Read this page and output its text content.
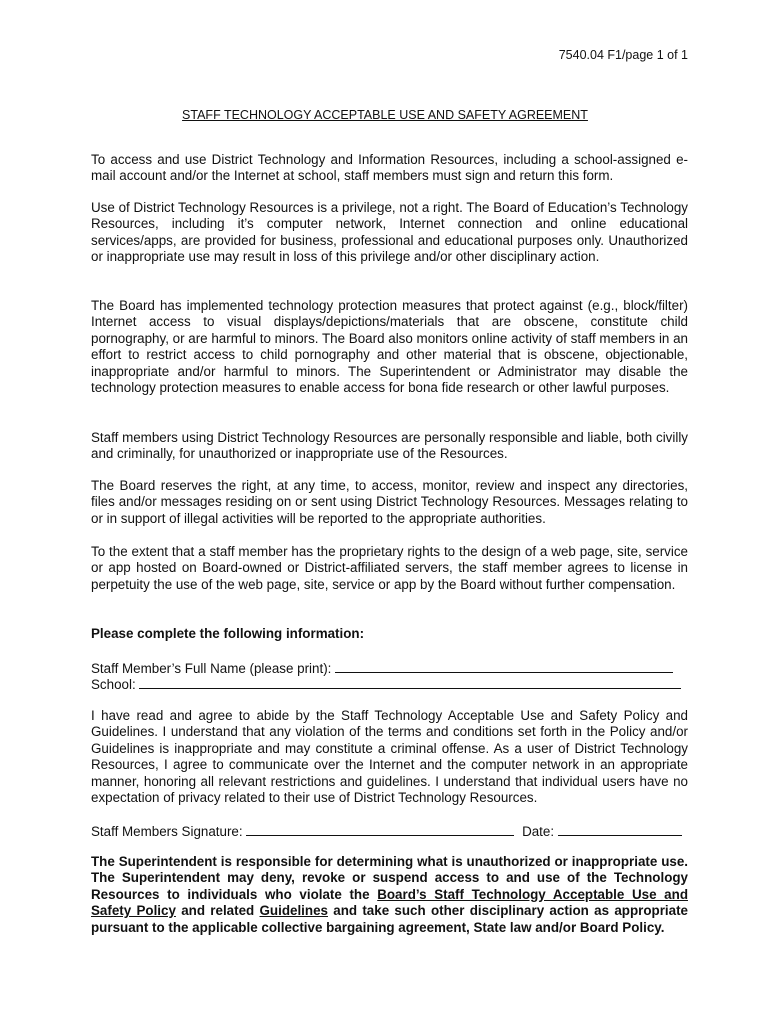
7540.04 F1/page 1 of 1
STAFF TECHNOLOGY ACCEPTABLE USE AND SAFETY AGREEMENT

To access and use District Technology and Information Resources, including a school-assigned e-mail account and/or the Internet at school, staff members must sign and return this form.

Use of District Technology Resources is a privilege, not a right. The Board of Education’s Technology Resources, including it’s computer network, Internet connection and online educational services/apps, are provided for business, professional and educational purposes only. Unauthorized or inappropriate use may result in loss of this privilege and/or other disciplinary action.

The Board has implemented technology protection measures that protect against (e.g., block/filter) Internet access to visual displays/depictions/materials that are obscene, constitute child pornography, or are harmful to minors. The Board also monitors online activity of staff members in an effort to restrict access to child pornography and other material that is obscene, objectionable, inappropriate and/or harmful to minors. The Superintendent or Administrator may disable the technology protection measures to enable access for bona fide research or other lawful purposes.

Staff members using District Technology Resources are personally responsible and liable, both civilly and criminally, for unauthorized or inappropriate use of the Resources.

The Board reserves the right, at any time, to access, monitor, review and inspect any directories, files and/or messages residing on or sent using District Technology Resources. Messages relating to or in support of illegal activities will be reported to the appropriate authorities.

To the extent that a staff member has the proprietary rights to the design of a web page, site, service or app hosted on Board-owned or District-affiliated servers, the staff member agrees to license in perpetuity the use of the web page, site, service or app by the Board without further compensation.

Please complete the following information:
Staff Member’s Full Name (please print):
School:

I have read and agree to abide by the Staff Technology Acceptable Use and Safety Policy and Guidelines. I understand that any violation of the terms and conditions set forth in the Policy and/or Guidelines is inappropriate and may constitute a criminal offense. As a user of District Technology Resources, I agree to communicate over the Internet and the computer network in an appropriate manner, honoring all relevant restrictions and guidelines. I understand that individual users have no expectation of privacy related to their use of District Technology Resources.

Staff Members Signature:	Date:

The Superintendent is responsible for determining what is unauthorized or inappropriate use. The Superintendent may deny, revoke or suspend access to and use of the Technology Resources to individuals who violate the Board’s Staff Technology Acceptable Use and Safety Policy and related Guidelines and take such other disciplinary action as appropriate pursuant to the applicable collective bargaining agreement, State law and/or Board Policy.
